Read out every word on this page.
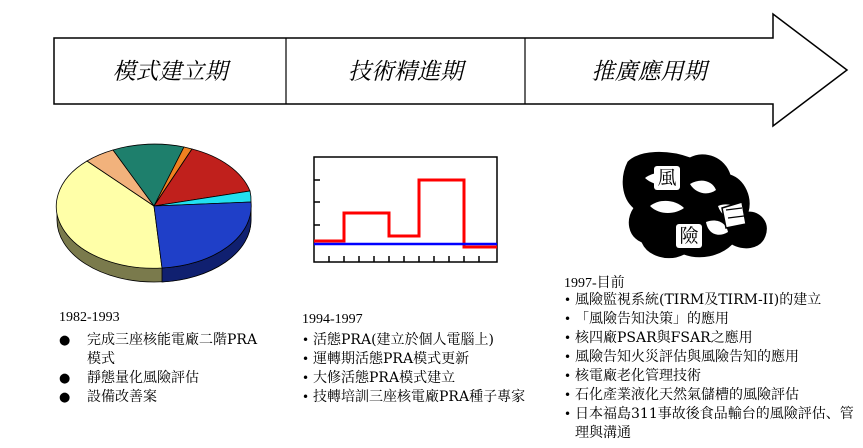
模式建立期	技術精進期	推廣應用期
風
險
1982-1993
● 完成三座核能電廠二階PRA模式
● 靜態量化風險評估
● 設備改善案
1994-1997
• 活態PRA(建立於個人電腦上)
• 運轉期活態PRA模式更新
• 大修活態PRA模式建立
• 技轉培訓三座核電廠PRA種子專家
1997-目前
• 風險監視系統(TIRM及TIRM-II)的建立
• 「風險告知決策」的應用
• 核四廠PSAR與FSAR之應用
• 風險告知火災評估與風險告知的應用
• 核電廠老化管理技術
• 石化產業液化天然氣儲槽的風險評估
• 日本福島311事故後食品輸台的風險評估、管理與溝通
